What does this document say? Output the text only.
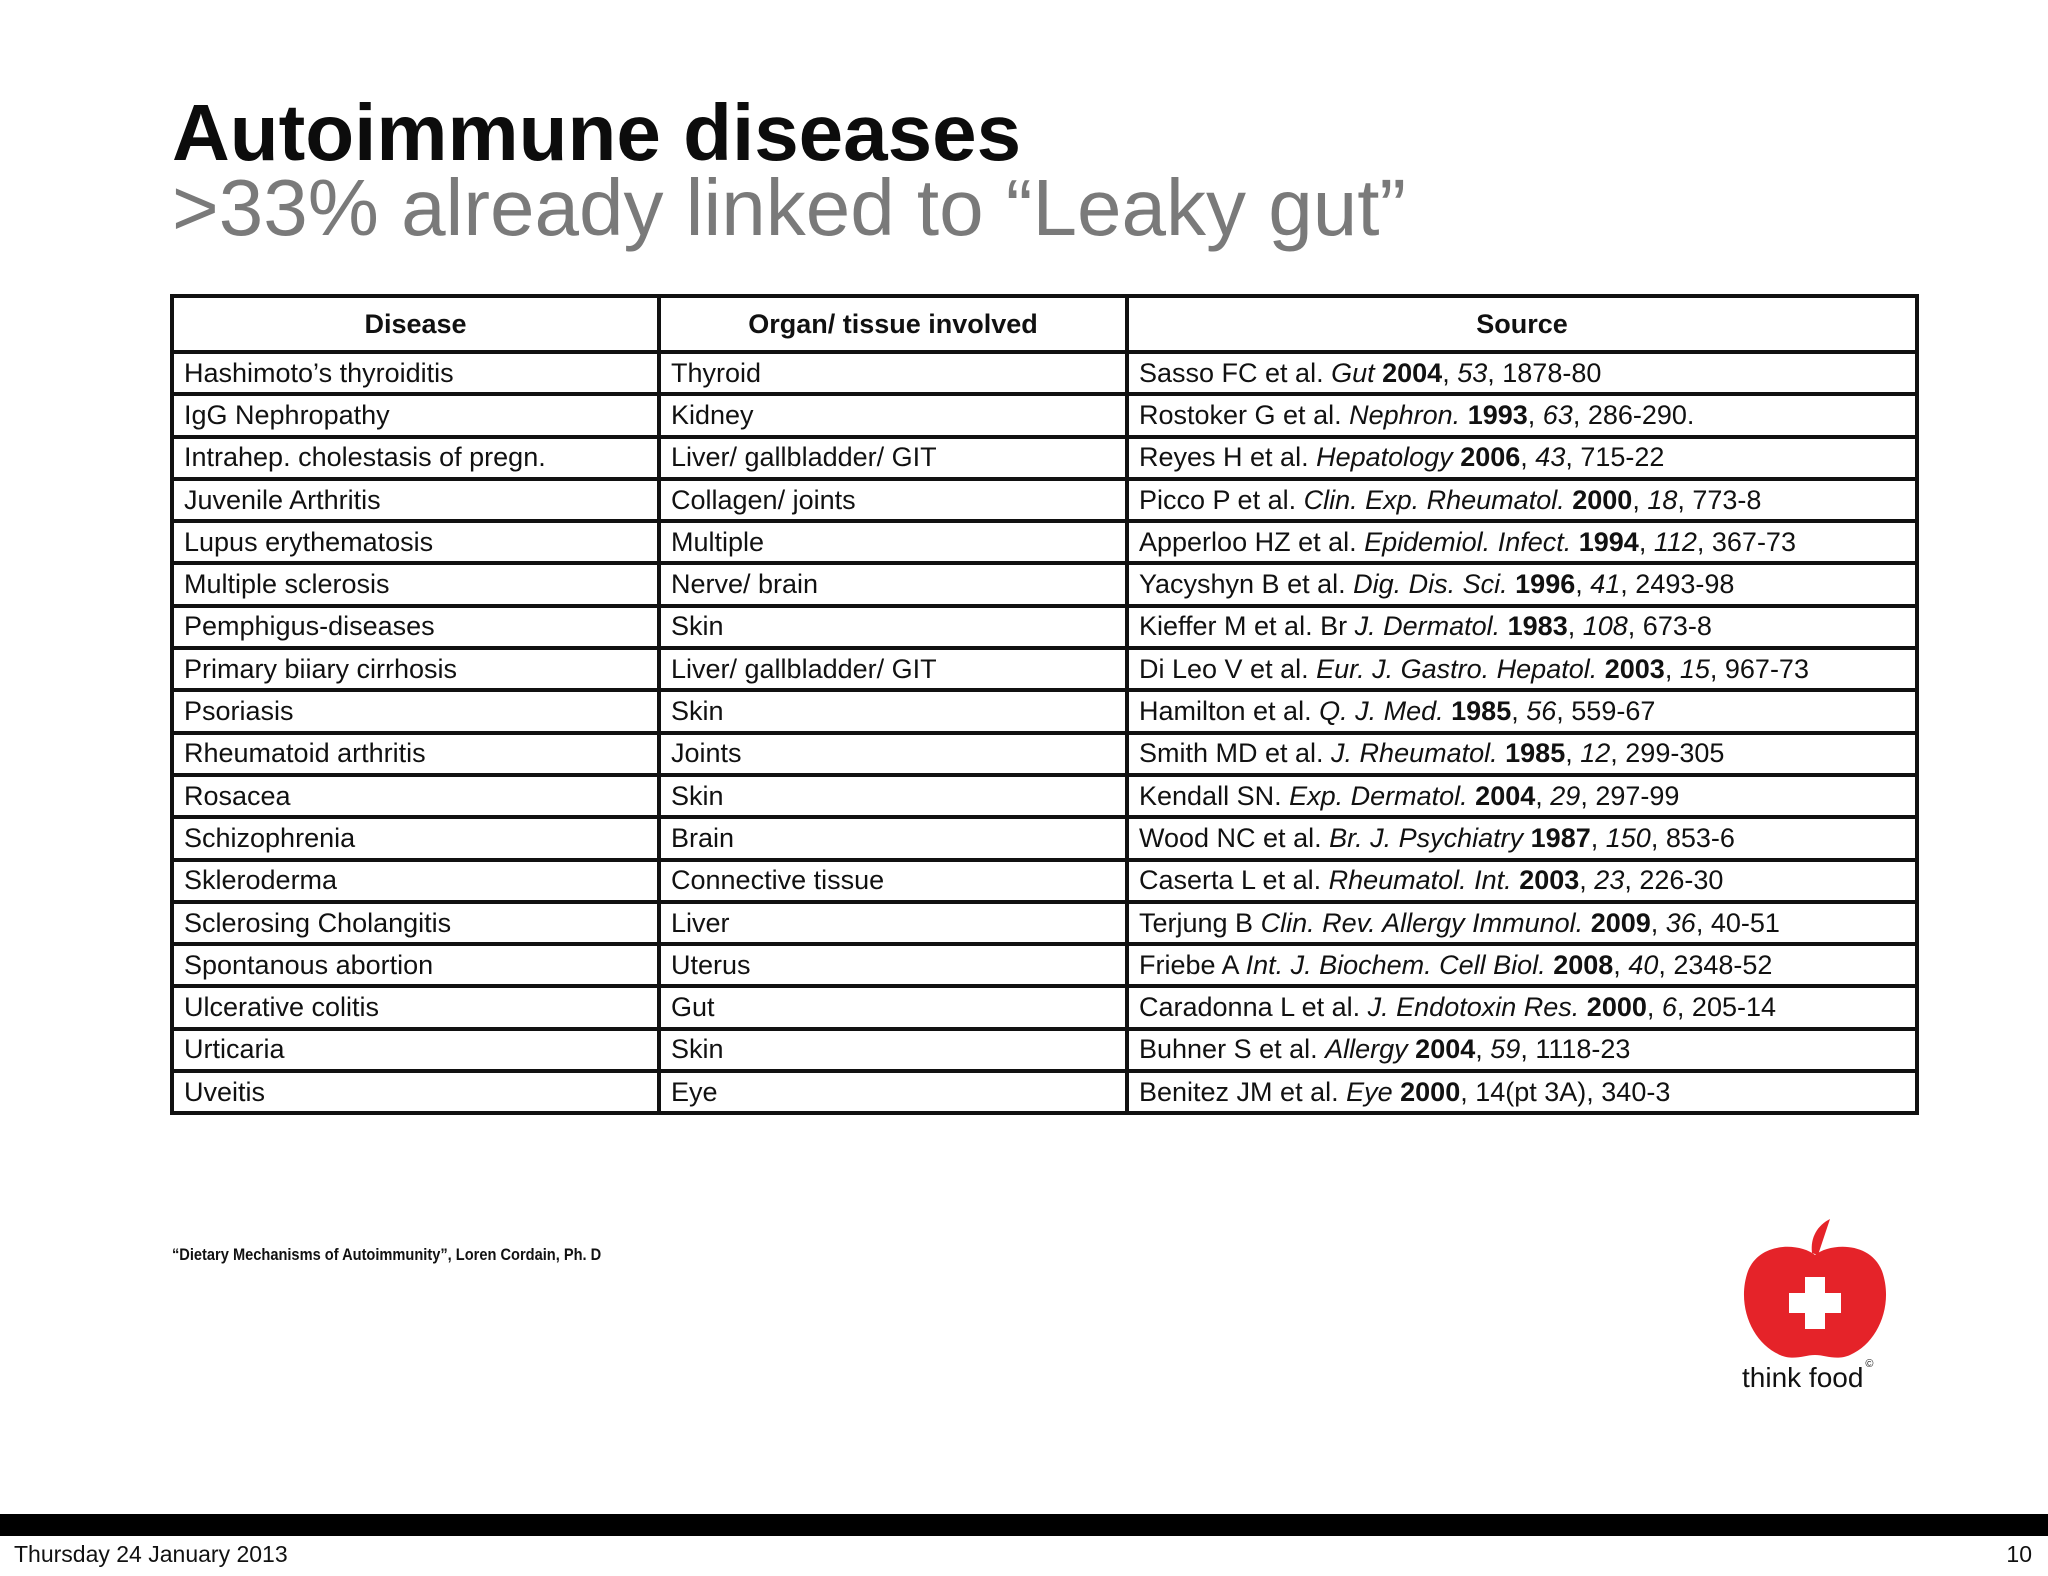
Autoimmune diseases
>33% already linked to “Leaky gut”
Disease	Organ/ tissue involved	Source
Hashimoto’s thyroiditis	Thyroid	Sasso FC et al. Gut 2004, 53, 1878-80
IgG Nephropathy	Kidney	Rostoker G et al. Nephron. 1993, 63, 286-290.
Intrahep. cholestasis of pregn.	Liver/ gallbladder/ GIT	Reyes H et al. Hepatology 2006, 43, 715-22
Juvenile Arthritis	Collagen/ joints	Picco P et al. Clin. Exp. Rheumatol. 2000, 18, 773-8
Lupus erythematosis	Multiple	Apperloo HZ et al. Epidemiol. Infect. 1994, 112, 367-73
Multiple sclerosis	Nerve/ brain	Yacyshyn B et al. Dig. Dis. Sci. 1996, 41, 2493-98
Pemphigus-diseases	Skin	Kieffer M et al. Br J. Dermatol. 1983, 108, 673-8
Primary biiary cirrhosis	Liver/ gallbladder/ GIT	Di Leo V et al. Eur. J. Gastro. Hepatol. 2003, 15, 967-73
Psoriasis	Skin	Hamilton et al. Q. J. Med. 1985, 56, 559-67
Rheumatoid arthritis	Joints	Smith MD et al. J. Rheumatol. 1985, 12, 299-305
Rosacea	Skin	Kendall SN. Exp. Dermatol. 2004, 29, 297-99
Schizophrenia	Brain	Wood NC et al. Br. J. Psychiatry 1987, 150, 853-6
Skleroderma	Connective tissue	Caserta L et al. Rheumatol. Int. 2003, 23, 226-30
Sclerosing Cholangitis	Liver	Terjung B Clin. Rev. Allergy Immunol. 2009, 36, 40-51
Spontanous abortion	Uterus	Friebe A Int. J. Biochem. Cell Biol. 2008, 40, 2348-52
Ulcerative colitis	Gut	Caradonna L et al. J. Endotoxin Res. 2000, 6, 205-14
Urticaria	Skin	Buhner S et al. Allergy 2004, 59, 1118-23
Uveitis	Eye	Benitez JM et al. Eye 2000, 14(pt 3A), 340-3
“Dietary Mechanisms of Autoimmunity”, Loren Cordain, Ph. D
think food ©
Thursday 24 January 2013	10
